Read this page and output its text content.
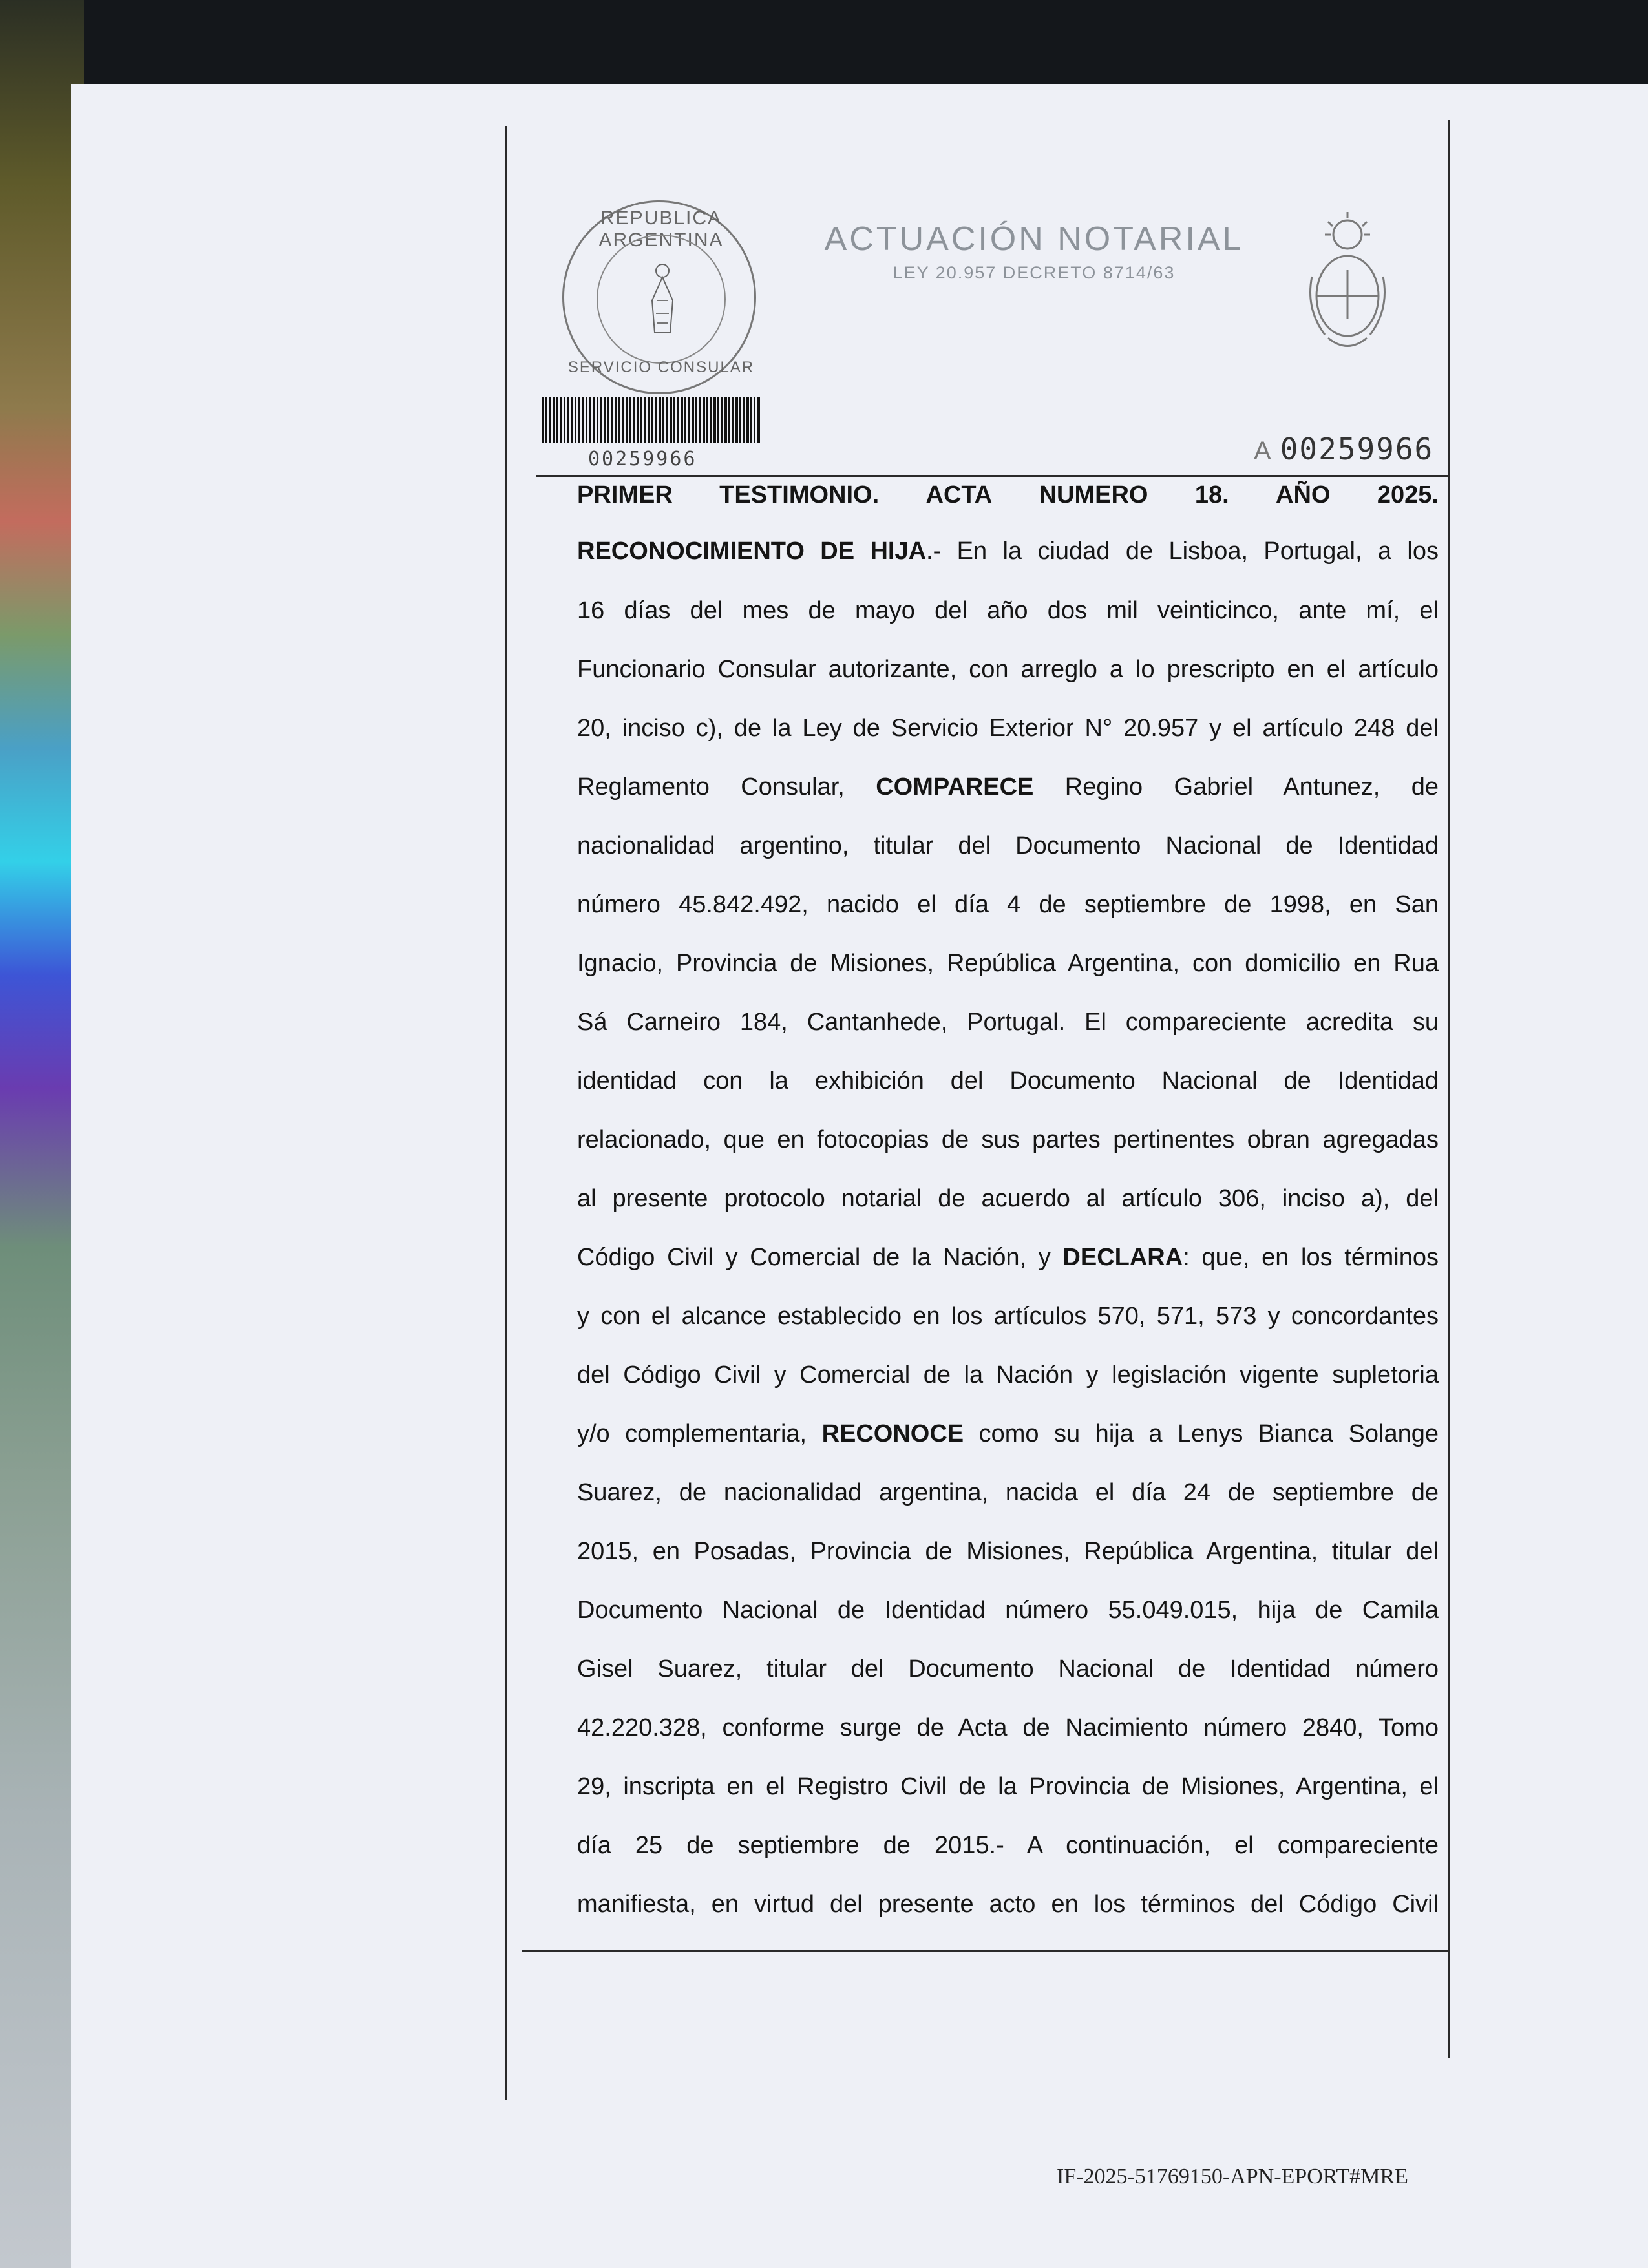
REPUBLICA ARGENTINA
SERVICIO CONSULAR
ACTUACIÓN NOTARIAL
LEY 20.957 DECRETO 8714/63
00259966	A 00259966
PRIMER TESTIMONIO. ACTA NUMERO 18. AÑO 2025.
RECONOCIMIENTO DE HIJA.- En la ciudad de Lisboa, Portugal, a los
16 días del mes de mayo del año dos mil veinticinco, ante mí, el
Funcionario Consular autorizante, con arreglo a lo prescripto en el artículo
20, inciso c), de la Ley de Servicio Exterior N° 20.957 y el artículo 248 del
Reglamento Consular, COMPARECE Regino Gabriel Antunez, de
nacionalidad argentino, titular del Documento Nacional de Identidad
número 45.842.492, nacido el día 4 de septiembre de 1998, en San
Ignacio, Provincia de Misiones, República Argentina, con domicilio en Rua
Sá Carneiro 184, Cantanhede, Portugal. El compareciente acredita su
identidad con la exhibición del Documento Nacional de Identidad
relacionado, que en fotocopias de sus partes pertinentes obran agregadas
al presente protocolo notarial de acuerdo al artículo 306, inciso a), del
Código Civil y Comercial de la Nación, y DECLARA: que, en los términos
y con el alcance establecido en los artículos 570, 571, 573 y concordantes
del Código Civil y Comercial de la Nación y legislación vigente supletoria
y/o complementaria, RECONOCE como su hija a Lenys Bianca Solange
Suarez, de nacionalidad argentina, nacida el día 24 de septiembre de
2015, en Posadas, Provincia de Misiones, República Argentina, titular del
Documento Nacional de Identidad número 55.049.015, hija de Camila
Gisel Suarez, titular del Documento Nacional de Identidad número
42.220.328, conforme surge de Acta de Nacimiento número 2840, Tomo
29, inscripta en el Registro Civil de la Provincia de Misiones, Argentina, el
día 25 de septiembre de 2015.- A continuación, el compareciente
manifiesta, en virtud del presente acto en los términos del Código Civil
IF-2025-51769150-APN-EPORT#MRE
